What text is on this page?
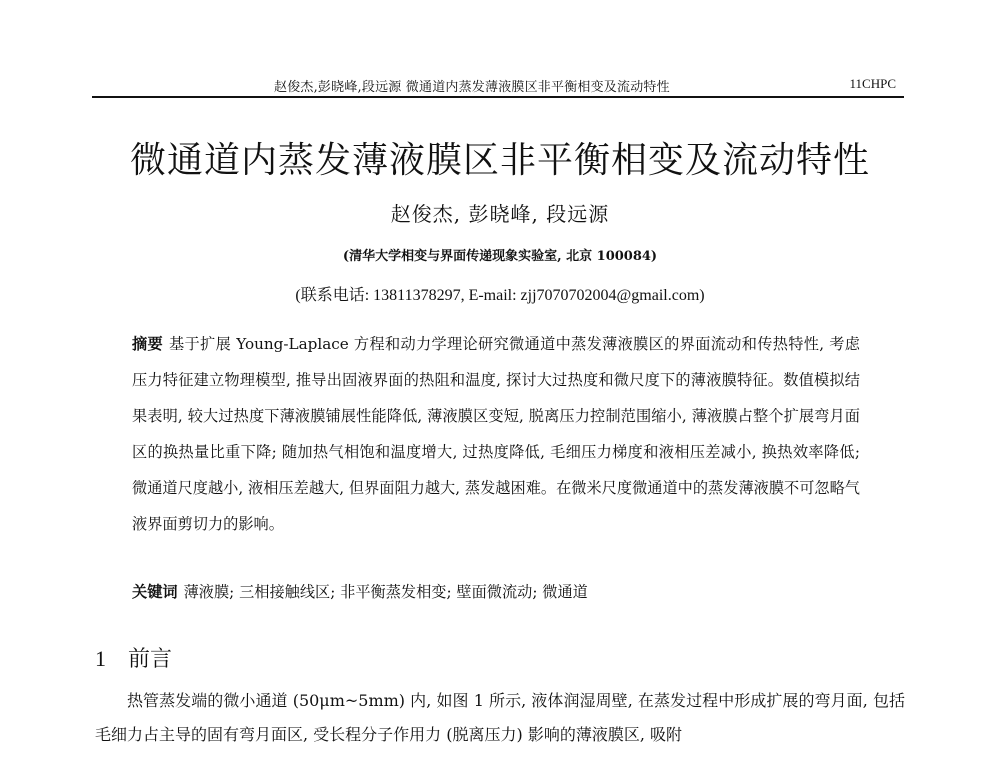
赵俊杰,彭晓峰,段远源 微通道内蒸发薄液膜区非平衡相变及流动特性	11CHPC
微通道内蒸发薄液膜区非平衡相变及流动特性
赵俊杰, 彭晓峰, 段远源
(清华大学相变与界面传递现象实验室, 北京 100084)
(联系电话: 13811378297, E-mail: zjj7070702004@gmail.com)
摘要 基于扩展 Young-Laplace 方程和动力学理论研究微通道中蒸发薄液膜区的界面流动和传热特性, 考虑压力特征建立物理模型, 推导出固液界面的热阻和温度, 探讨大过热度和微尺度下的薄液膜特征。数值模拟结果表明, 较大过热度下薄液膜铺展性能降低, 薄液膜区变短, 脱离压力控制范围缩小, 薄液膜占整个扩展弯月面区的换热量比重下降; 随加热气相饱和温度增大, 过热度降低, 毛细压力梯度和液相压差减小, 换热效率降低; 微通道尺度越小, 液相压差越大, 但界面阻力越大, 蒸发越困难。在微米尺度微通道中的蒸发薄液膜不可忽略气液界面剪切力的影响。
关键词 薄液膜; 三相接触线区; 非平衡蒸发相变; 壁面微流动; 微通道
1 前言
热管蒸发端的微小通道 (50μm~5mm) 内, 如图 1 所示, 液体润湿周壁, 在蒸发过程中形成扩展的弯月面, 包括毛细力占主导的固有弯月面区, 受长程分子作用力 (脱离压力) 影响的薄液膜区, 吸附
